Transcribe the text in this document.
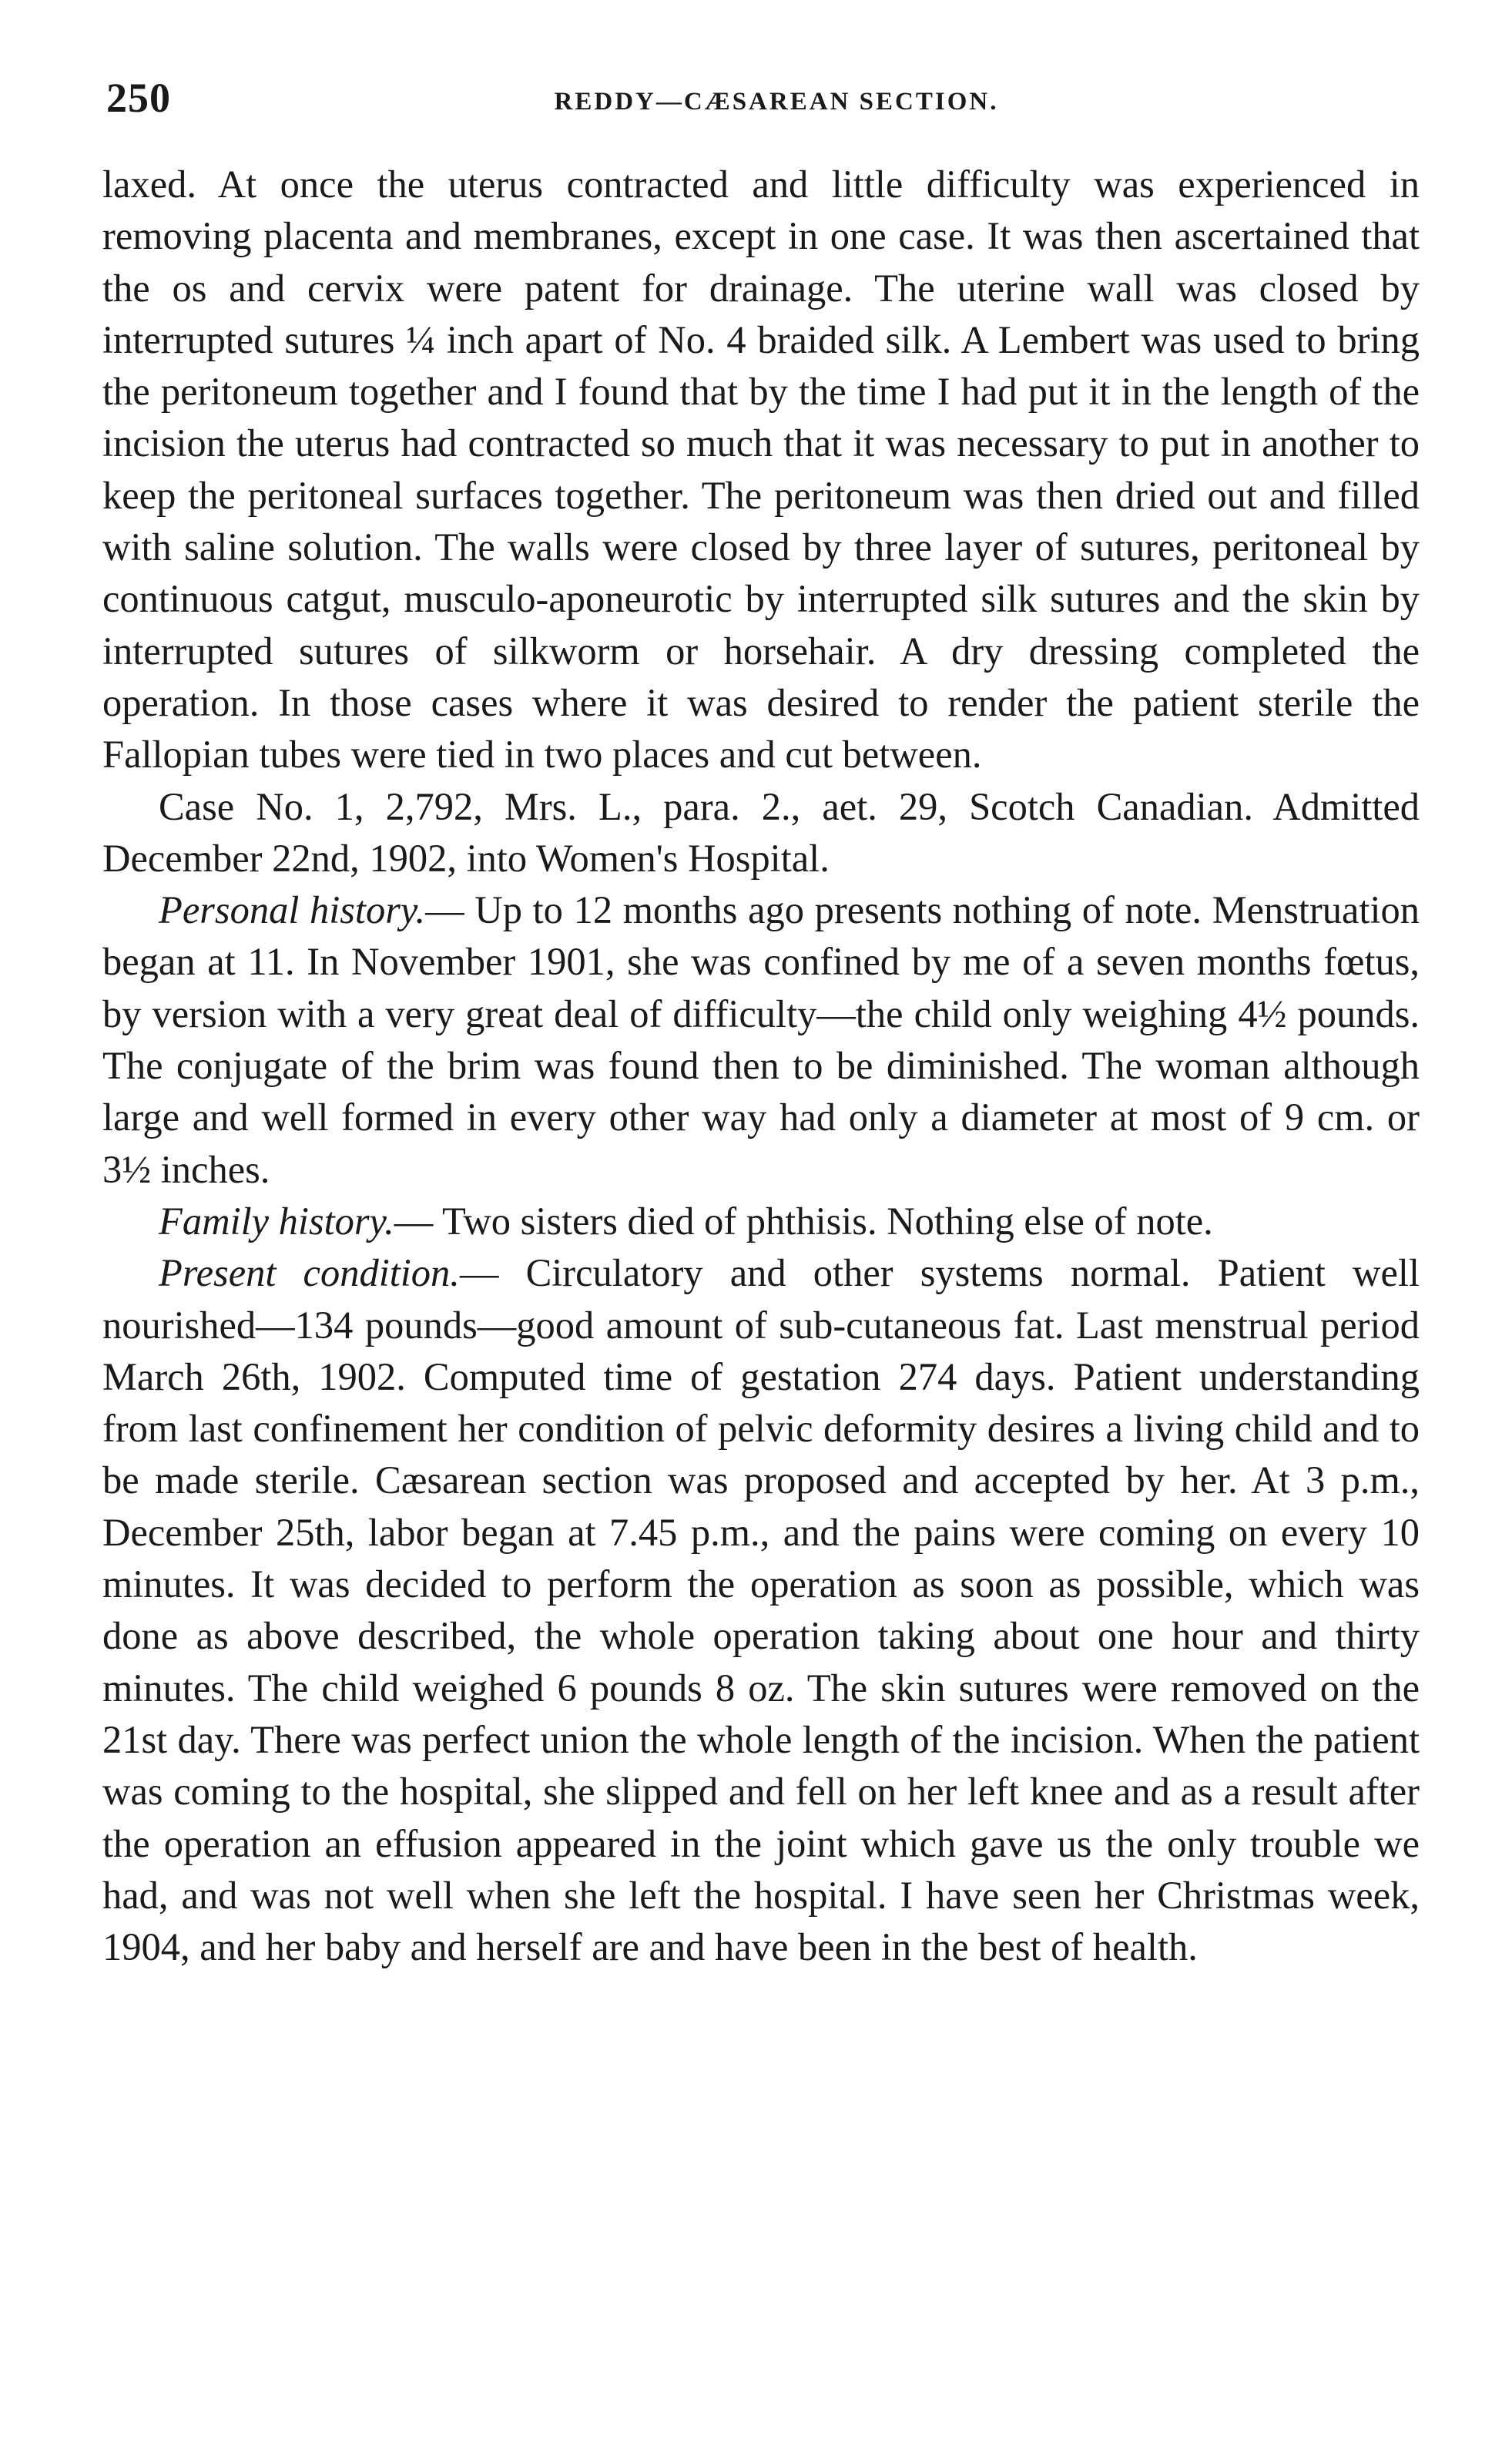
250	REDDY—CÆSAREAN SECTION.

laxed. At once the uterus contracted and little difficulty was experienced in removing placenta and membranes, except in one case. It was then ascertained that the os and cervix were patent for drainage. The uterine wall was closed by interrupted sutures ¼ inch apart of No. 4 braided silk. A Lembert was used to bring the peritoneum together and I found that by the time I had put it in the length of the incision the uterus had contracted so much that it was necessary to put in another to keep the peritoneal surfaces together. The peritoneum was then dried out and filled with saline solution. The walls were closed by three layer of sutures, peritoneal by continuous catgut, musculo-aponeurotic by interrupted silk sutures and the skin by interrupted sutures of silkworm or horsehair. A dry dressing completed the operation. In those cases where it was desired to render the patient sterile the Fallopian tubes were tied in two places and cut between.

Case No. 1, 2,792, Mrs. L., para. 2., aet. 29, Scotch Canadian. Admitted December 22nd, 1902, into Women's Hospital.

Personal history.— Up to 12 months ago presents nothing of note. Menstruation began at 11. In November 1901, she was confined by me of a seven months fœtus, by version with a very great deal of difficulty—the child only weighing 4½ pounds. The conjugate of the brim was found then to be diminished. The woman although large and well formed in every other way had only a diameter at most of 9 cm. or 3½ inches.

Family history.— Two sisters died of phthisis. Nothing else of note.

Present condition.— Circulatory and other systems normal. Patient well nourished—134 pounds—good amount of sub-cutaneous fat. Last menstrual period March 26th, 1902. Computed time of gestation 274 days. Patient understanding from last confinement her condition of pelvic deformity desires a living child and to be made sterile. Cæsarean section was proposed and accepted by her. At 3 p.m., December 25th, labor began at 7.45 p.m., and the pains were coming on every 10 minutes. It was decided to perform the operation as soon as possible, which was done as above described, the whole operation taking about one hour and thirty minutes. The child weighed 6 pounds 8 oz. The skin sutures were removed on the 21st day. There was perfect union the whole length of the incision. When the patient was coming to the hospital, she slipped and fell on her left knee and as a result after the operation an effusion appeared in the joint which gave us the only trouble we had, and was not well when she left the hospital. I have seen her Christmas week, 1904, and her baby and herself are and have been in the best of health.
